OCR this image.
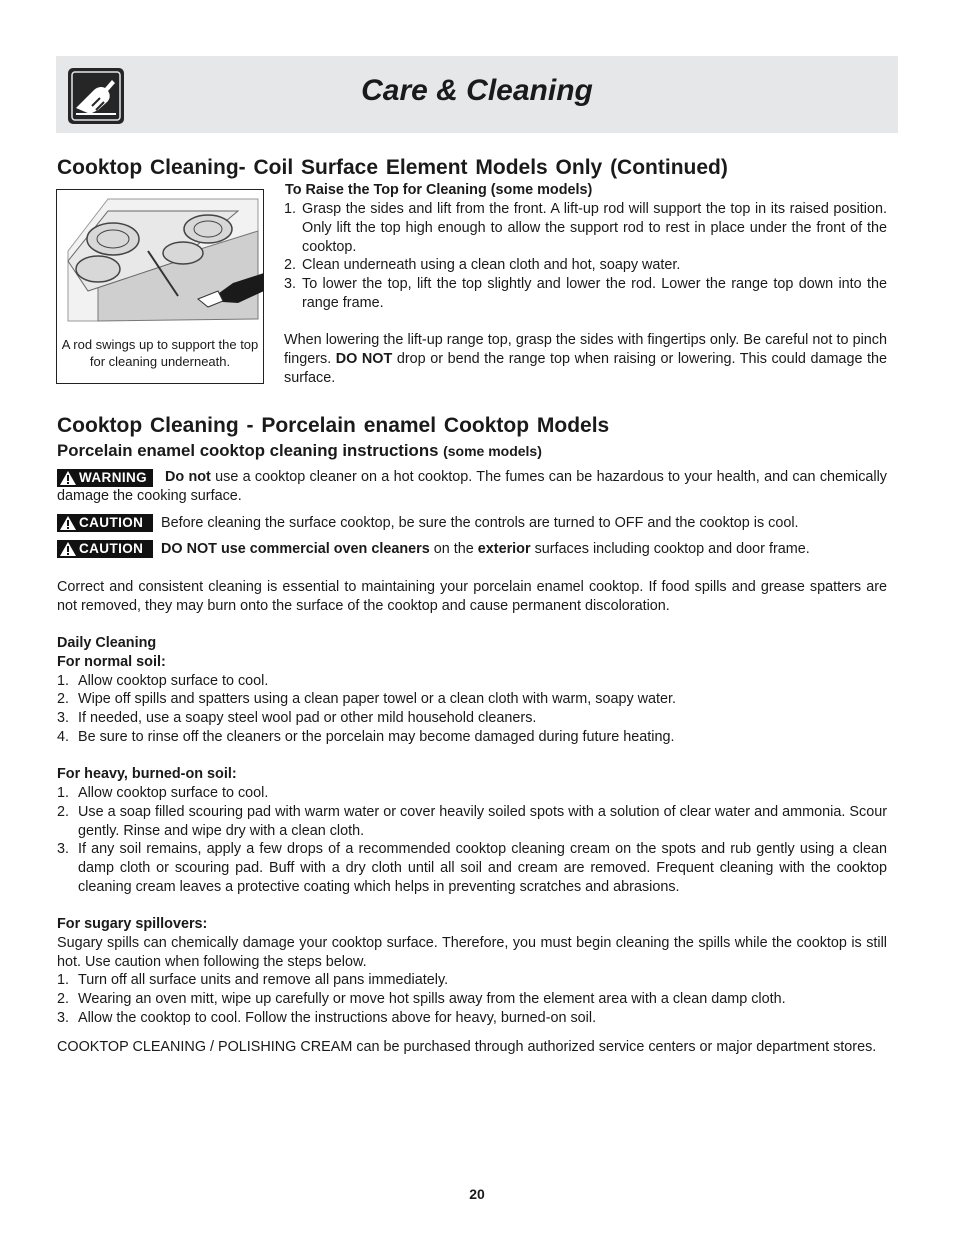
Care & Cleaning
Cooktop Cleaning- Coil Surface Element Models Only (Continued)
A rod swings up to support the top for cleaning underneath.
To Raise the Top for Cleaning (some models)
1. Grasp the sides and lift from the front. A lift-up rod will support the top in its raised position. Only lift the top high enough to allow the support rod to rest in place under the front of the cooktop.
2. Clean underneath using a clean cloth and hot, soapy water.
3. To lower the top, lift the top slightly and lower the rod. Lower the range top down into the range frame.
When lowering the lift-up range top, grasp the sides with fingertips only. Be careful not to pinch fingers. DO NOT drop or bend the range top when raising or lowering. This could damage the surface.
Cooktop Cleaning - Porcelain enamel Cooktop Models
Porcelain enamel cooktop cleaning instructions (some models)
WARNING	Do not use a cooktop cleaner on a hot cooktop. The fumes can be hazardous to your health, and can chemically damage the cooking surface.
CAUTION	Before cleaning the surface cooktop, be sure the controls are turned to OFF and the cooktop is cool.
CAUTION	DO NOT use commercial oven cleaners on the exterior surfaces including cooktop and door frame.
Correct and consistent cleaning is essential to maintaining your porcelain enamel cooktop. If food spills and grease spatters are not removed, they may burn onto the surface of the cooktop and cause permanent discoloration.
Daily Cleaning
For normal soil:
1. Allow cooktop surface to cool.
2. Wipe off spills and spatters using a clean paper towel or a clean cloth with warm, soapy water.
3. If needed, use a soapy steel wool pad or other mild household cleaners.
4. Be sure to rinse off the cleaners or the porcelain may become damaged during future heating.
For heavy, burned-on soil:
1. Allow cooktop surface to cool.
2. Use a soap filled scouring pad with warm water or cover heavily soiled spots with a solution of clear water and ammonia. Scour gently. Rinse and wipe dry with a clean cloth.
3. If any soil remains, apply a few drops of a recommended cooktop cleaning cream on the spots and rub gently using a clean damp cloth or scouring pad. Buff with a dry cloth until all soil and cream are removed. Frequent cleaning with the cooktop cleaning cream leaves a protective coating which helps in preventing scratches and abrasions.
For sugary spillovers:
Sugary spills can chemically damage your cooktop surface. Therefore, you must begin cleaning the spills while the cooktop is still hot. Use caution when following the steps below.
1. Turn off all surface units and remove all pans immediately.
2. Wearing an oven mitt, wipe up carefully or move hot spills away from the element area with a clean damp cloth.
3. Allow the cooktop to cool. Follow the instructions above for heavy, burned-on soil.
COOKTOP CLEANING / POLISHING CREAM can be purchased through authorized service centers or major department stores.
20
